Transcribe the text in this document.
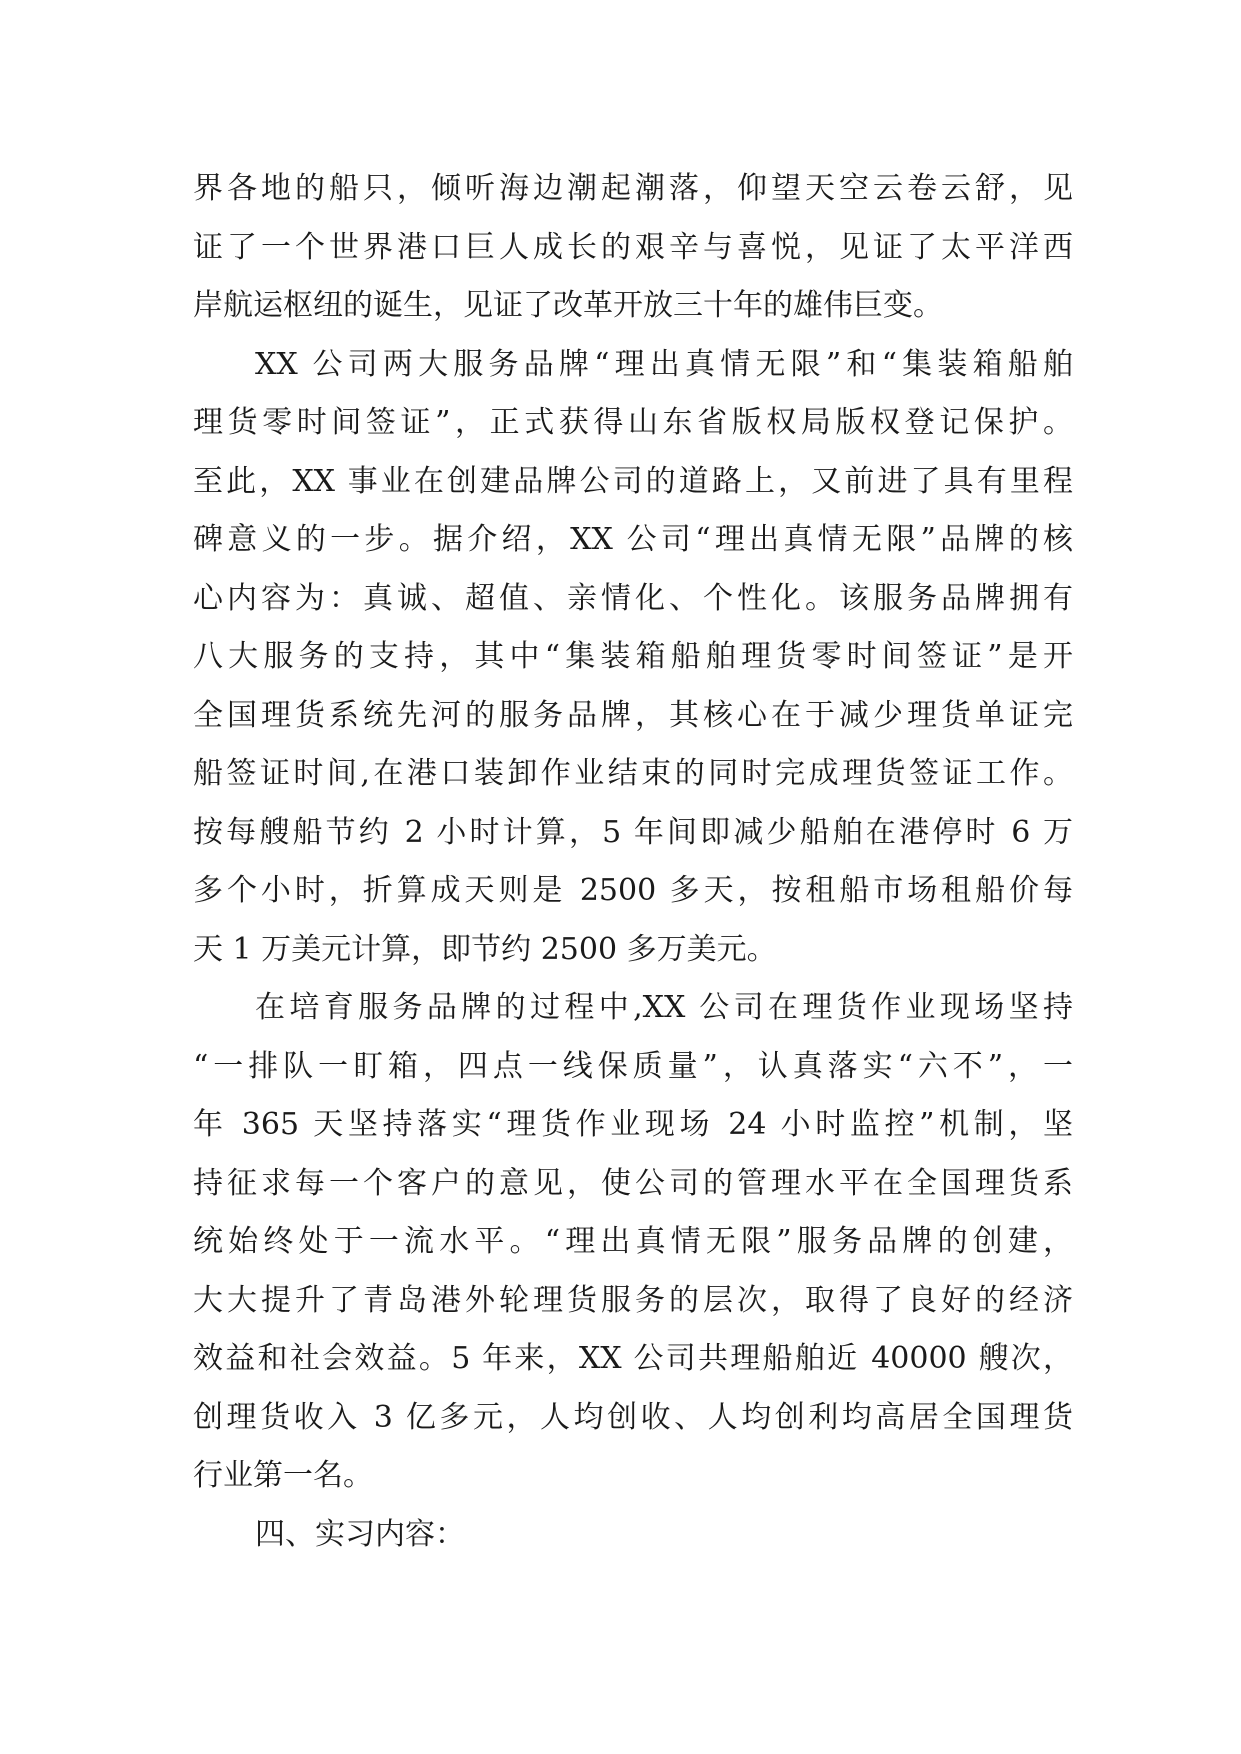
界各地的船只，倾听海边潮起潮落，仰望天空云卷云舒，见
证了一个世界港口巨人成长的艰辛与喜悦，见证了太平洋西
岸航运枢纽的诞生，见证了改革开放三十年的雄伟巨变。
XX 公司两大服务品牌“理出真情无限”和“集装箱船舶
理货零时间签证”，正式获得山东省版权局版权登记保护。
至此，XX 事业在创建品牌公司的道路上，又前进了具有里程
碑意义的一步。据介绍，XX 公司“理出真情无限”品牌的核
心内容为：真诚、超值、亲情化、个性化。该服务品牌拥有
八大服务的支持，其中“集装箱船舶理货零时间签证”是开
全国理货系统先河的服务品牌，其核心在于减少理货单证完
船签证时间,在港口装卸作业结束的同时完成理货签证工作。
按每艘船节约 2 小时计算，5 年间即减少船舶在港停时 6 万
多个小时，折算成天则是 2500 多天，按租船市场租船价每
天 1 万美元计算，即节约 2500 多万美元。
在培育服务品牌的过程中,XX 公司在理货作业现场坚持
“一排队一盯箱，四点一线保质量”，认真落实“六不”，一
年 365 天坚持落实“理货作业现场 24 小时监控”机制，坚
持征求每一个客户的意见，使公司的管理水平在全国理货系
统始终处于一流水平。“理出真情无限”服务品牌的创建，
大大提升了青岛港外轮理货服务的层次，取得了良好的经济
效益和社会效益。5 年来，XX 公司共理船舶近 40000 艘次，
创理货收入 3 亿多元，人均创收、人均创利均高居全国理货
行业第一名。
四、实习内容：
